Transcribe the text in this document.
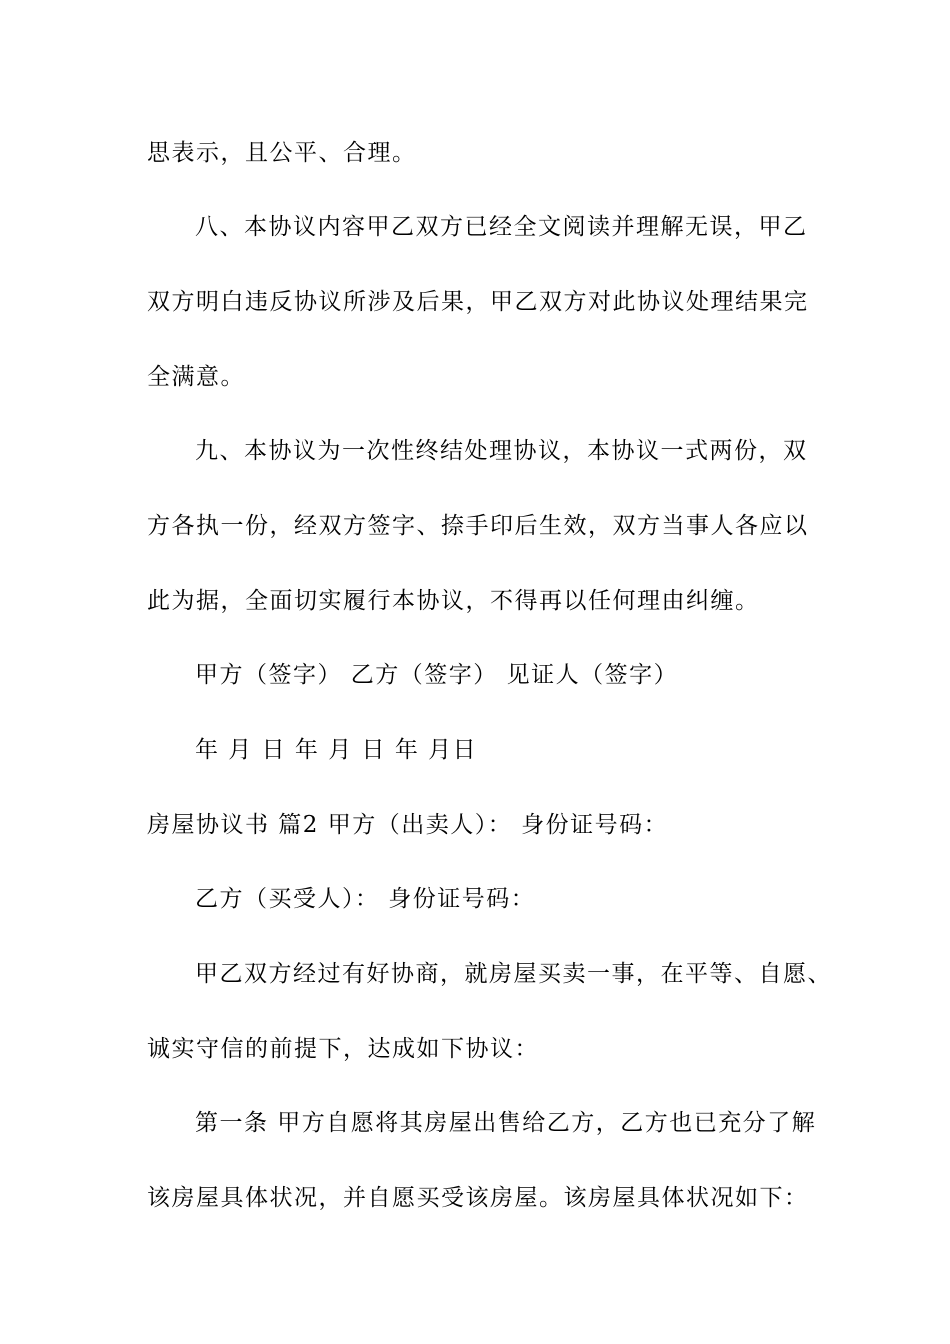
思表示，且公平、合理。
八、本协议内容甲乙双方已经全文阅读并理解无误，甲乙
双方明白违反协议所涉及后果，甲乙双方对此协议处理结果完
全满意。
九、本协议为一次性终结处理协议，本协议一式两份，双
方各执一份，经双方签字、捺手印后生效，双方当事人各应以
此为据，全面切实履行本协议，不得再以任何理由纠缠。
甲方（签字） 乙方（签字） 见证人（签字）
年 月 日 年 月 日 年 月日
房屋协议书 篇2 甲方（出卖人）： 身份证号码：
乙方（买受人）： 身份证号码：
甲乙双方经过有好协商，就房屋买卖一事，在平等、自愿、
诚实守信的前提下，达成如下协议：
第一条 甲方自愿将其房屋出售给乙方，乙方也已充分了解
该房屋具体状况，并自愿买受该房屋。该房屋具体状况如下：
